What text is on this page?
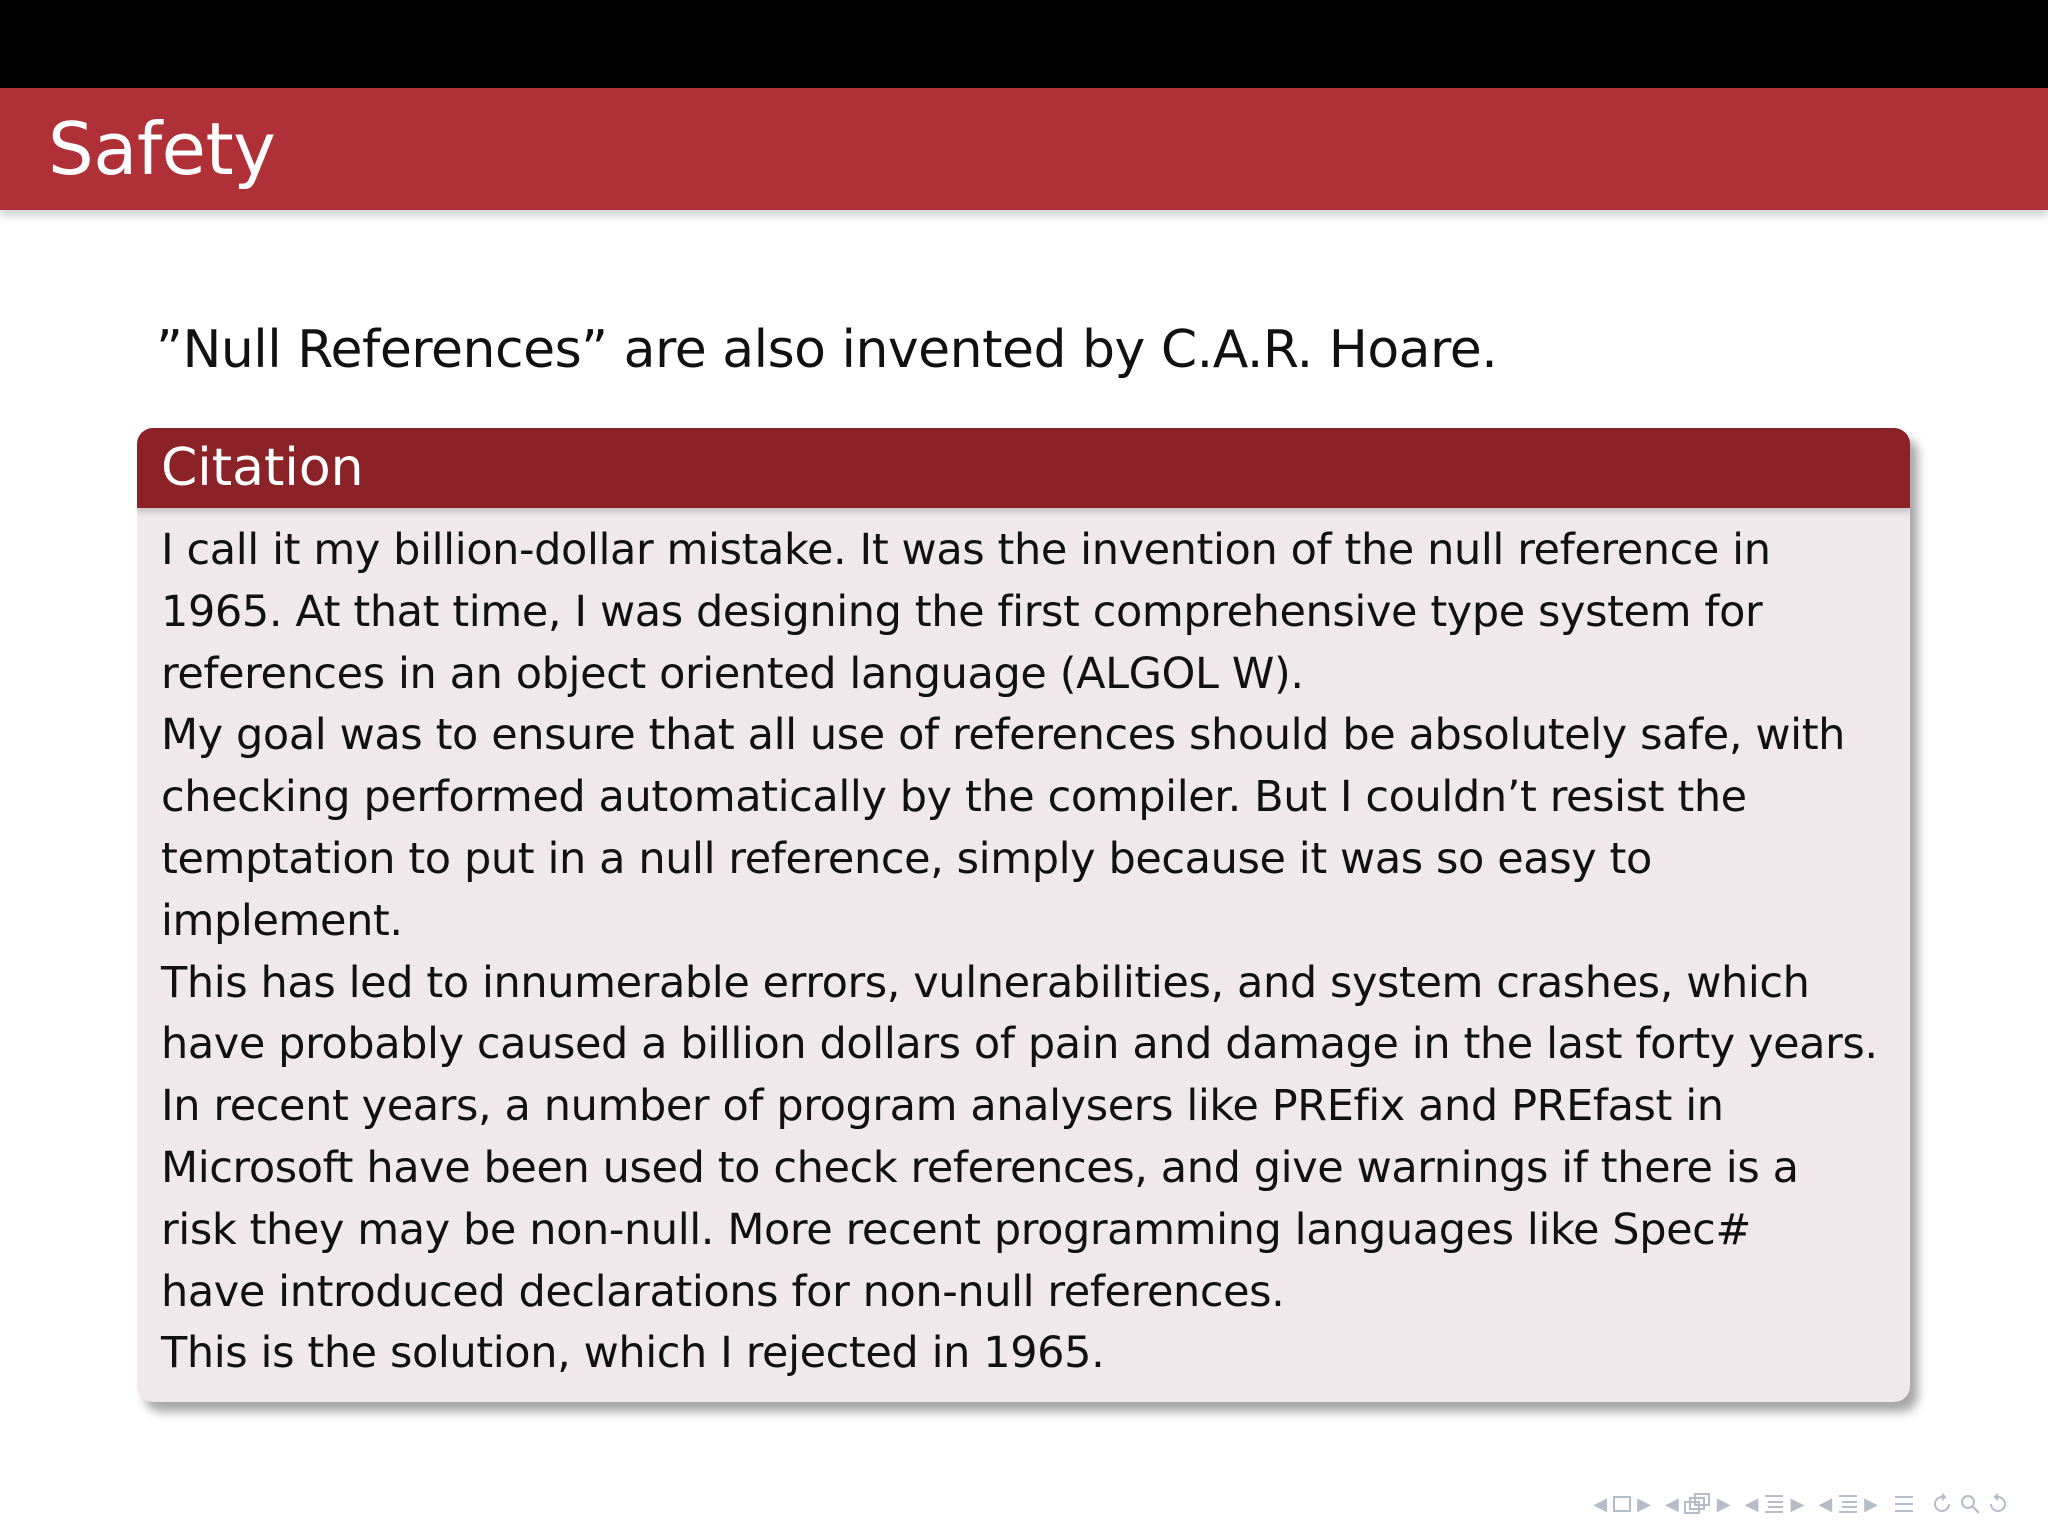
Safety

”Null References” are also invented by C.A.R. Hoare.

Citation
I call it my billion-dollar mistake. It was the invention of the null reference in
1965. At that time, I was designing the first comprehensive type system for
references in an object oriented language (ALGOL W).
My goal was to ensure that all use of references should be absolutely safe, with
checking performed automatically by the compiler. But I couldn’t resist the
temptation to put in a null reference, simply because it was so easy to
implement.
This has led to innumerable errors, vulnerabilities, and system crashes, which
have probably caused a billion dollars of pain and damage in the last forty years.
In recent years, a number of program analysers like PREfix and PREfast in
Microsoft have been used to check references, and give warnings if there is a
risk they may be non-null. More recent programming languages like Spec#
have introduced declarations for non-null references.
This is the solution, which I rejected in 1965.
◀ ▶ ◀ ▶ ◀ ▶ ◀ ▶
